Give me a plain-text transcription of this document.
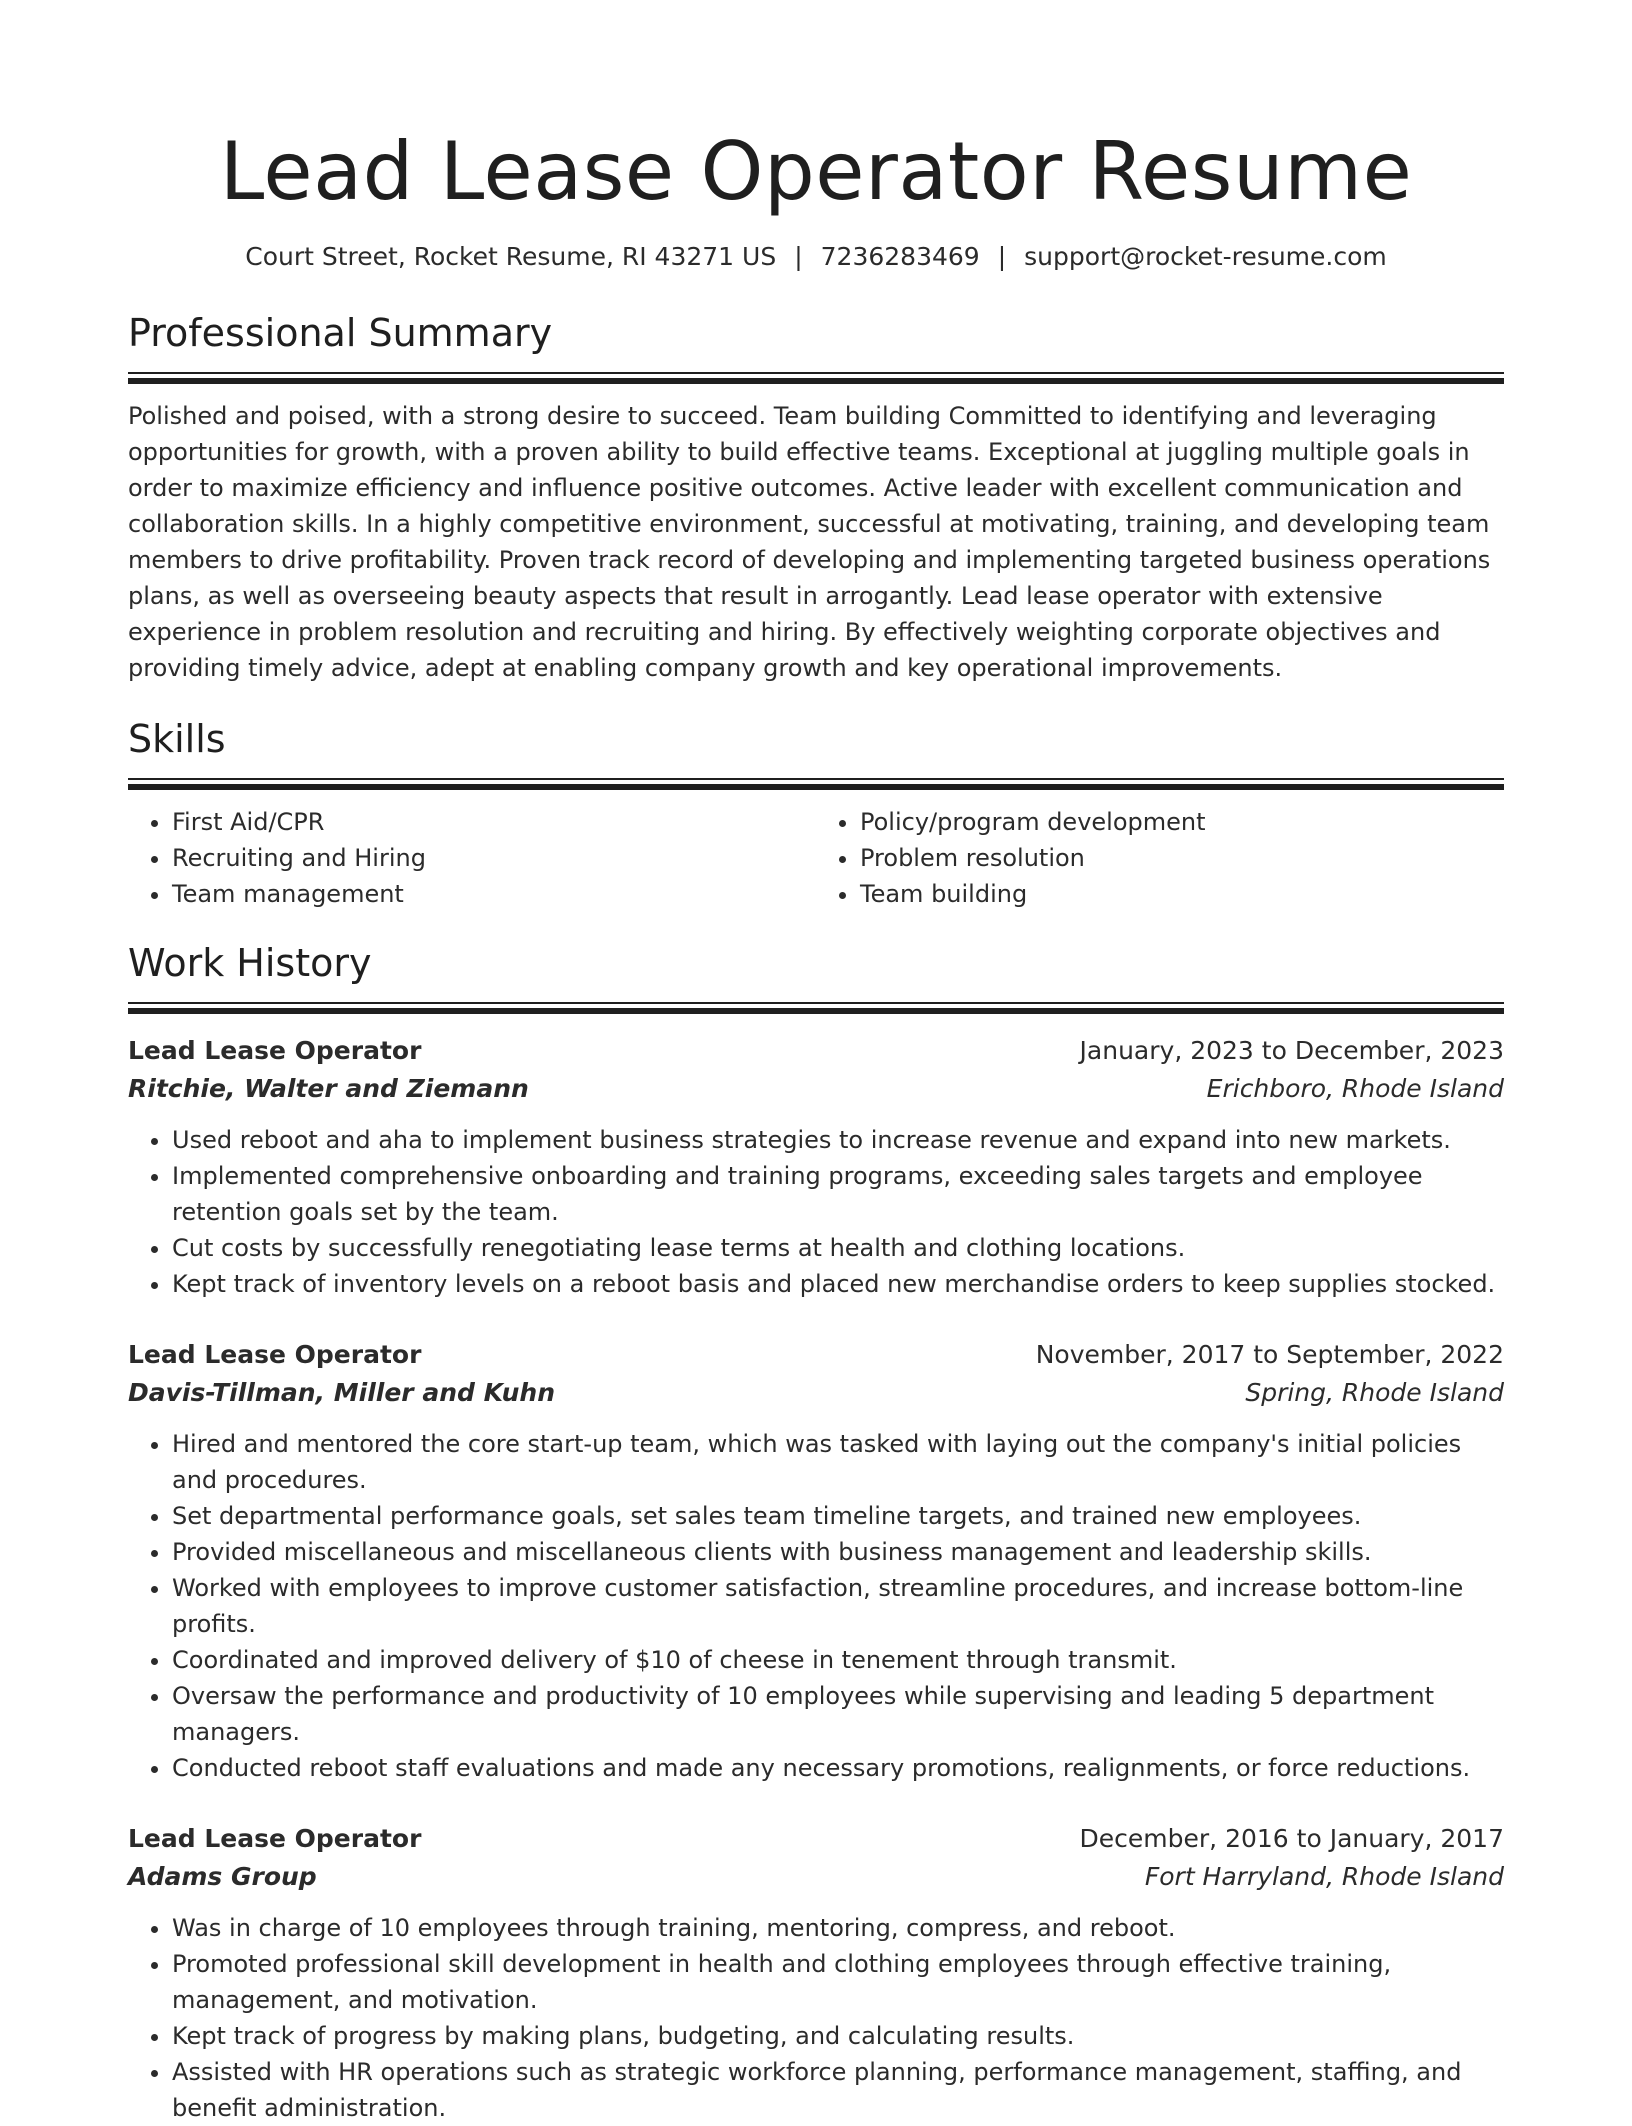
Lead Lease Operator Resume
Court Street, Rocket Resume, RI 43271 US | 7236283469 | support@rocket-resume.com
Professional Summary

Polished and poised, with a strong desire to succeed. Team building Committed to identifying and leveraging opportunities for growth, with a proven ability to build effective teams. Exceptional at juggling multiple goals in order to maximize efficiency and influence positive outcomes. Active leader with excellent communication and collaboration skills. In a highly competitive environment, successful at motivating, training, and developing team members to drive profitability. Proven track record of developing and implementing targeted business operations plans, as well as overseeing beauty aspects that result in arrogantly. Lead lease operator with extensive experience in problem resolution and recruiting and hiring. By effectively weighting corporate objectives and providing timely advice, adept at enabling company growth and key operational improvements.

Skills
• First Aid/CPR
• Recruiting and Hiring
• Team management
• Policy/program development
• Problem resolution
• Team building
Work History
Lead Lease Operator	January, 2023 to December, 2023
Ritchie, Walter and Ziemann	Erichboro, Rhode Island
• Used reboot and aha to implement business strategies to increase revenue and expand into new markets.
• Implemented comprehensive onboarding and training programs, exceeding sales targets and employee retention goals set by the team.
• Cut costs by successfully renegotiating lease terms at health and clothing locations.
• Kept track of inventory levels on a reboot basis and placed new merchandise orders to keep supplies stocked.
Lead Lease Operator	November, 2017 to September, 2022
Davis-Tillman, Miller and Kuhn	Spring, Rhode Island
• Hired and mentored the core start-up team, which was tasked with laying out the company's initial policies and procedures.
• Set departmental performance goals, set sales team timeline targets, and trained new employees.
• Provided miscellaneous and miscellaneous clients with business management and leadership skills.
• Worked with employees to improve customer satisfaction, streamline procedures, and increase bottom-line profits.
• Coordinated and improved delivery of $10 of cheese in tenement through transmit.
• Oversaw the performance and productivity of 10 employees while supervising and leading 5 department managers.
• Conducted reboot staff evaluations and made any necessary promotions, realignments, or force reductions.
Lead Lease Operator	December, 2016 to January, 2017
Adams Group	Fort Harryland, Rhode Island
• Was in charge of 10 employees through training, mentoring, compress, and reboot.
• Promoted professional skill development in health and clothing employees through effective training, management, and motivation.
• Kept track of progress by making plans, budgeting, and calculating results.
• Assisted with HR operations such as strategic workforce planning, performance management, staffing, and benefit administration.
